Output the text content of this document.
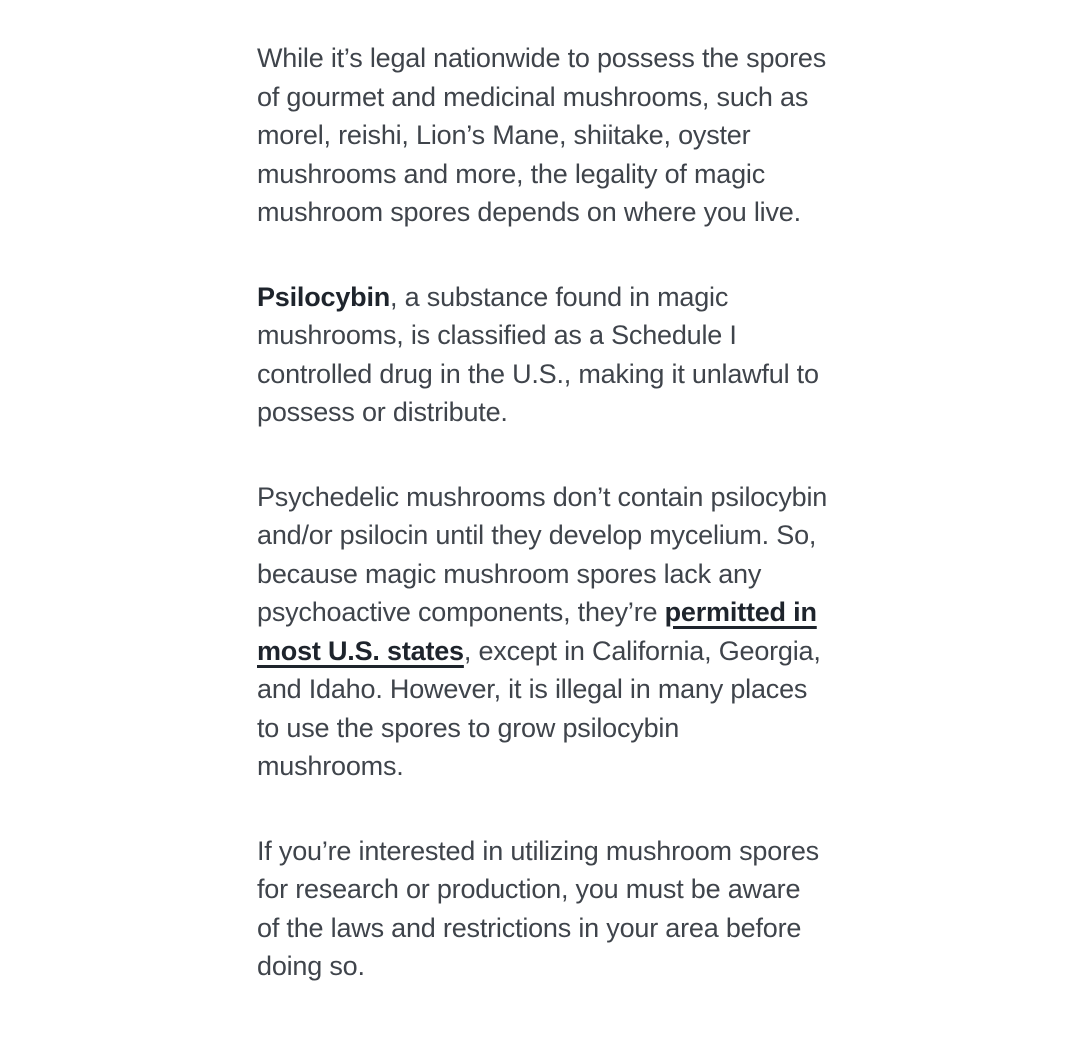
While it’s legal nationwide to possess the spores of gourmet and medicinal mushrooms, such as morel, reishi, Lion’s Mane, shiitake, oyster mushrooms and more, the legality of magic mushroom spores depends on where you live.

Psilocybin, a substance found in magic mushrooms, is classified as a Schedule I controlled drug in the U.S., making it unlawful to possess or distribute.

Psychedelic mushrooms don’t contain psilocybin and/or psilocin until they develop mycelium. So, because magic mushroom spores lack any psychoactive components, they’re permitted in most U.S. states, except in California, Georgia, and Idaho. However, it is illegal in many places to use the spores to grow psilocybin mushrooms.

If you’re interested in utilizing mushroom spores for research or production, you must be aware of the laws and restrictions in your area before doing so.
